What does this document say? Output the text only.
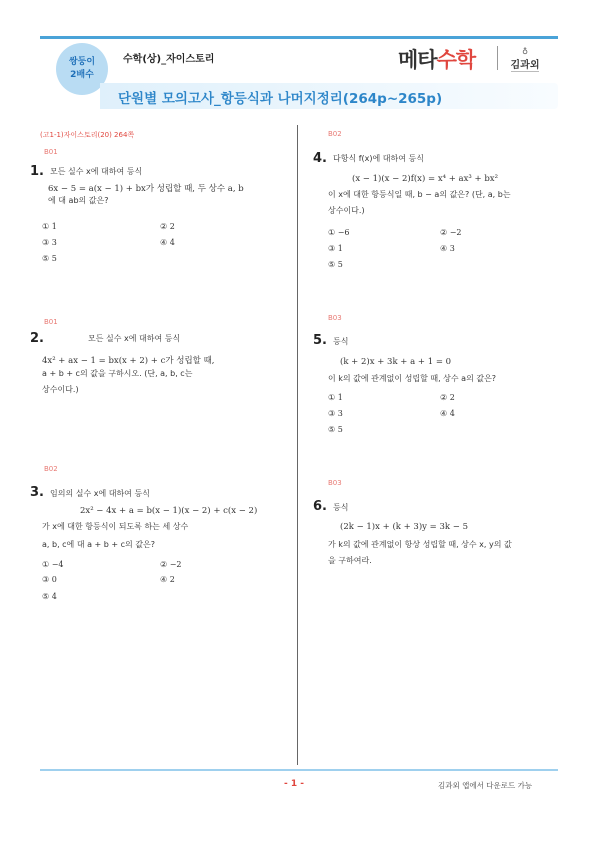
쌍둥이
2배수
수학(상)_자이스토리	메타수학	♁
김과외
단원별 모의고사_항등식과 나머지정리(264p~265p)
(고1-1)자이스토리(20) 264쪽
B01
1. 모든 실수 x에 대하여 등식
6x − 5 = a(x − 1) + bx가 성립할 때, 두 상수 a, b
에 대 ab의 값은?
① 1	② 2
③ 3	④ 4
⑤ 5
B01
2.	모든 실수 x에 대하여 등식
4x² + ax − 1 = bx(x + 2) + c가 성립할 때,
a + b + c의 값을 구하시오. (단, a, b, c는
상수이다.)
B02
3. 임의의 실수 x에 대하여 등식
2x² − 4x + a = b(x − 1)(x − 2) + c(x − 2)
가 x에 대한 항등식이 되도록 하는 세 상수
a, b, c에 대 a + b + c의 값은?
① −4	② −2
③ 0	④ 2
⑤ 4
B02
4. 다항식 f(x)에 대하여 등식
(x − 1)(x − 2)f(x) = x⁴ + ax³ + bx²
이 x에 대한 항등식일 때, b − a의 값은? (단, a, b는
상수이다.)
① −6	② −2
③ 1	④ 3
⑤ 5
B03
5. 등식
(k + 2)x + 3k + a + 1 = 0
이 k의 값에 관계없이 성립할 때, 상수 a의 값은?
① 1	② 2
③ 3	④ 4
⑤ 5
B03
6. 등식
(2k − 1)x + (k + 3)y = 3k − 5
가 k의 값에 관계없이 항상 성립할 때, 상수 x, y의 값
을 구하여라.
- 1 -	김과외 앱에서 다운로드 가능
